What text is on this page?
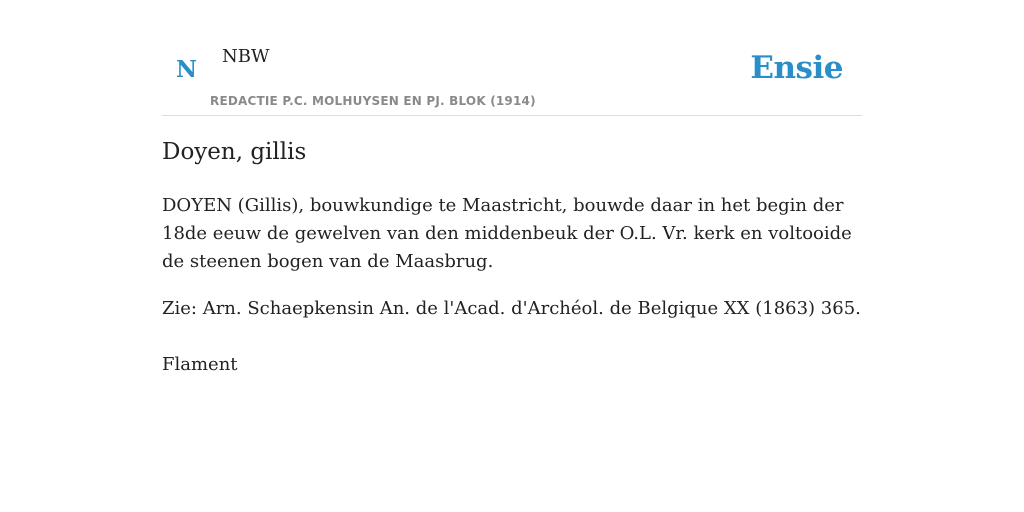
N NBW
REDACTIE P.C. MOLHUYSEN EN PJ. BLOK (1914)
Ensie
Doyen, gillis

DOYEN (Gillis), bouwkundige te Maastricht, bouwde daar in het begin der 18de eeuw de gewelven van den middenbeuk der O.L. Vr. kerk en voltooide de steenen bogen van de Maasbrug.

Zie: Arn. Schaepkensin An. de l'Acad. d'Archéol. de Belgique XX (1863) 365.

Flament
